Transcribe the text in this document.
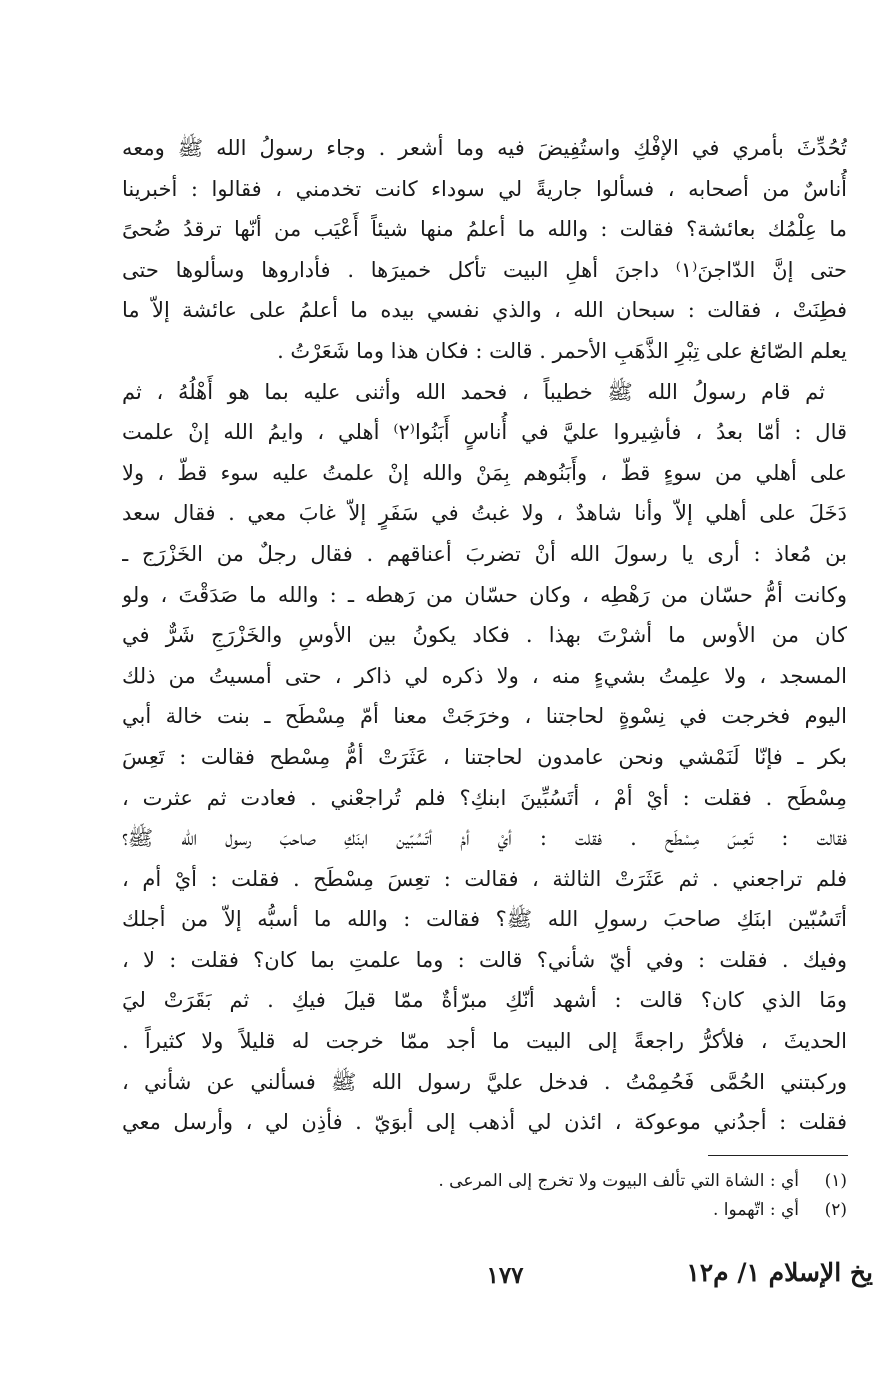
تُحُدِّثَ بأمري في الإفْكِ واستُفِيضَ فيه وما أشعر . وجاء رسولُ الله ﷺ ومعه
أُناسٌ من أصحابه ، فسألوا جاريةً لي سوداء كانت تخدمني ، فقالوا : أخبرينا
ما عِلْمُك بعائشة؟ فقالت : والله ما أعلمُ منها شيئاً أَعْيَب من أنّها ترقدُ ضُحىً
حتى إنَّ الدّاجنَ⁽١⁾ داجنَ أهلِ البيت تأكل خميرَها . فأداروها وسألوها حتى
فطِنَتْ ، فقالت : سبحان الله ، والذي نفسي بيده ما أعلمُ على عائشة إلاّ ما
يعلم الصّائغ على تِبْرِ الذَّهَبِ الأحمر . قالت : فكان هذا وما شَعَرْتُ .
ثم قام رسولُ الله ﷺ خطيباً ، فحمد الله وأثنى عليه بما هو أَهْلُهُ ، ثم
قال : أمّا بعدُ ، فأشِيروا عليَّ في أُناسٍ أَبَنُوا⁽٢⁾ أهلي ، وايمُ الله إنْ علمت
على أهلي من سوءٍ قطّ ، وأَبَنُوهم بِمَنْ والله إنْ علمتُ عليه سوء قطّ ، ولا
دَخَلَ على أهلي إلاّ وأنا شاهدٌ ، ولا غبتُ في سَفَرٍ إلاّ غابَ معي . فقال سعد
بن مُعاذ : أرى يا رسولَ الله أنْ تضربَ أعناقهم . فقال رجلٌ من الخَزْرَج ـ
وكانت أمُّ حسّان من رَهْطِه ، وكان حسّان من رَهطه ـ : والله ما صَدَقْتَ ، ولو
كان من الأوس ما أشرْتَ بهذا . فكاد يكونُ بين الأوسِ والخَزْرَجِ شَرٌّ في
المسجد ، ولا علِمتُ بشيءٍ منه ، ولا ذكره لي ذاكر ، حتى أمسيتُ من ذلك
اليوم فخرجت في نِسْوةٍ لحاجتنا ، وخرَجَتْ معنا أمّ مِسْطَح ـ بنت خالة أبي
بكر ـ فإنّا لَنَمْشي ونحن عامدون لحاجتنا ، عَثَرَتْ أمُّ مِسْطح فقالت : تَعِسَ
مِسْطَح . فقلت : أيْ أمْ ، أتَسُبِّينَ ابنكِ؟ فلم تُراجعْني . فعادت ثم عثرت ،
فقالت : تَعِسَ مِسْطَح . فقلت : أيْ أمْ أتَسُبّين ابنَكِ صاحبَ رسول الله ﷺ؟
فلم تراجعني . ثم عَثَرَتْ الثالثة ، فقالت : تعِسَ مِسْطَح . فقلت : أيْ أم ،
أتَسُبّين ابنَكِ صاحبَ رسولِ الله ﷺ؟ فقالت : والله ما أسبُّه إلاّ من أجلك
وفيك . فقلت : وفي أيّ شأني؟ قالت : وما علمتِ بما كان؟ فقلت : لا ،
ومَا الذي كان؟ قالت : أشهد أنّكِ مبرّأةٌ ممّا قيلَ فيكِ . ثم بَقَرَتْ ليَ
الحديثَ ، فلأكرُّ راجعةً إلى البيت ما أجد ممّا خرجت له قليلاً ولا كثيراً .
وركبتني الحُمَّى فَحُمِمْتُ . فدخل عليَّ رسول الله ﷺ فسألني عن شأني ،
فقلت : أجدُني موعوكة ، ائذن لي أذهب إلى أبوَيّ . فأذِن لي ، وأرسل معي
(١)أي : الشاة التي تألف البيوت ولا تخرج إلى المرعى .
(٢)أي : اتّهموا .
١٧٧	يخ الإسلام ١/ م١٢
